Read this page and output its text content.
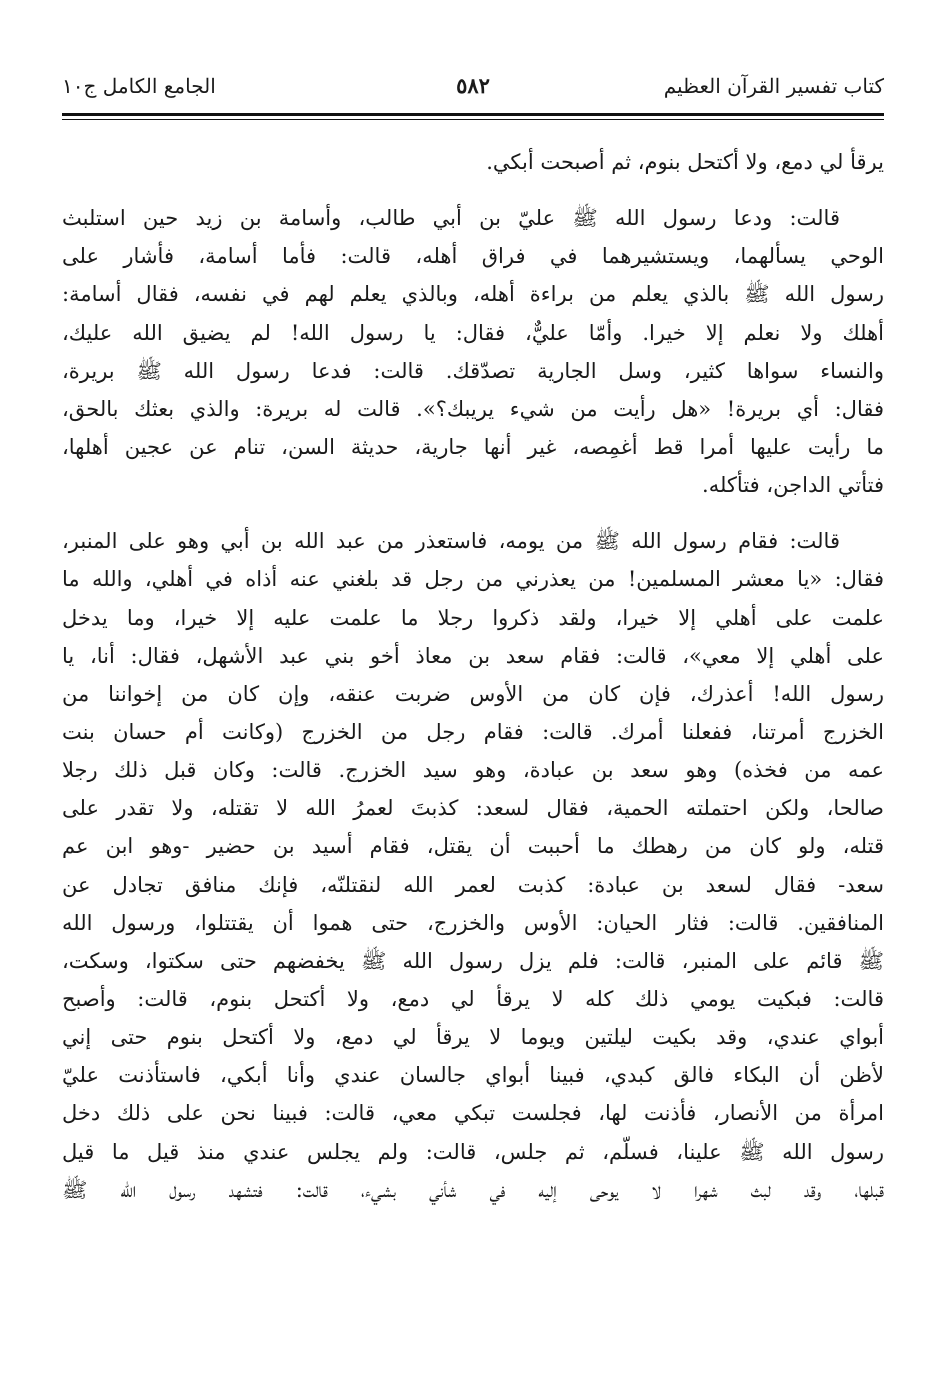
كتاب تفسير القرآن العظيم
٥٨٢
الجامع الكامل ج١٠
يرقأ لي دمع، ولا أكتحل بنوم، ثم أصبحت أبكي.
قالت: ودعا رسول الله ﷺ عليّ بن أبي طالب، وأسامة بن زيد حين استلبث
الوحي يسألهما، ويستشيرهما في فراق أهله، قالت: فأما أسامة، فأشار على
رسول الله ﷺ بالذي يعلم من براءة أهله، وبالذي يعلم لهم في نفسه، فقال أسامة:
أهلك ولا نعلم إلا خيرا. وأمّا عليٌّ، فقال: يا رسول الله! لم يضيق الله عليك،
والنساء سواها كثير، وسل الجارية تصدّقك. قالت: فدعا رسول الله ﷺ بريرة،
فقال: أي بريرة! «هل رأيت من شيء يريبك؟». قالت له بريرة: والذي بعثك بالحق،
ما رأيت عليها أمرا قط أغمِصه، غير أنها جارية، حديثة السن، تنام عن عجين أهلها،
فتأتي الداجن، فتأكله.
قالت: فقام رسول الله ﷺ من يومه، فاستعذر من عبد الله بن أبي وهو على المنبر،
فقال: «يا معشر المسلمين! من يعذرني من رجل قد بلغني عنه أذاه في أهلي، والله ما
علمت على أهلي إلا خيرا، ولقد ذكروا رجلا ما علمت عليه إلا خيرا، وما يدخل
على أهلي إلا معي»، قالت: فقام سعد بن معاذ أخو بني عبد الأشهل، فقال: أنا، يا
رسول الله! أعذرك، فإن كان من الأوس ضربت عنقه، وإن كان من إخواننا من
الخزرج أمرتنا، ففعلنا أمرك. قالت: فقام رجل من الخزرج (وكانت أم حسان بنت
عمه من فخذه) وهو سعد بن عبادة، وهو سيد الخزرج. قالت: وكان قبل ذلك رجلا
صالحا، ولكن احتملته الحمية، فقال لسعد: كذبتَ لعمرُ الله لا تقتله، ولا تقدر على
قتله، ولو كان من رهطك ما أحببت أن يقتل، فقام أسيد بن حضير -وهو ابن عم
سعد- فقال لسعد بن عبادة: كذبت لعمر الله لنقتلنّه، فإنك منافق تجادل عن
المنافقين. قالت: فثار الحيان: الأوس والخزرج، حتى هموا أن يقتتلوا، ورسول الله
ﷺ قائم على المنبر، قالت: فلم يزل رسول الله ﷺ يخفضهم حتى سكتوا، وسكت،
قالت: فبكيت يومي ذلك كله لا يرقأ لي دمع، ولا أكتحل بنوم، قالت: وأصبح
أبواي عندي، وقد بكيت ليلتين ويوما لا يرقأ لي دمع، ولا أكتحل بنوم حتى إني
لأظن أن البكاء فالق كبدي، فبينا أبواي جالسان عندي وأنا أبكي، فاستأذنت عليّ
امرأة من الأنصار، فأذنت لها، فجلست تبكي معي، قالت: فبينا نحن على ذلك دخل
رسول الله ﷺ علينا، فسلّم، ثم جلس، قالت: ولم يجلس عندي منذ قيل ما قيل
قبلها، وقد لبث شهرا لا يوحى إليه في شأني بشيء، قالت: فتشهد رسول الله ﷺ
